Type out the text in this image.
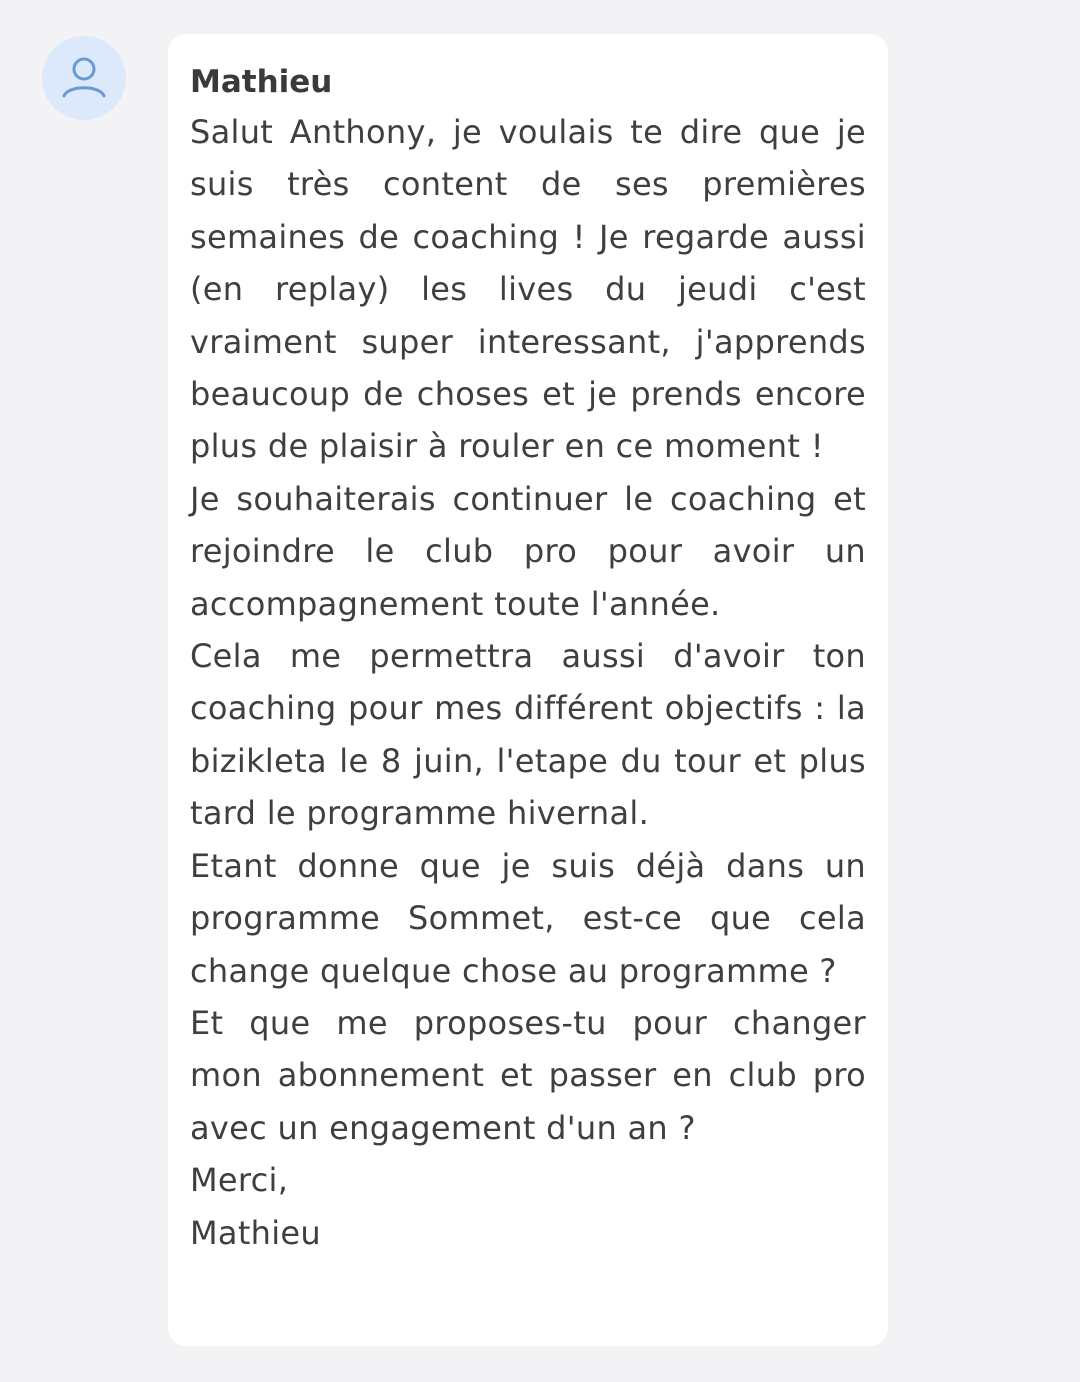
Mathieu

Salut Anthony, je voulais te dire que je suis très content de ses premières semaines de coaching ! Je regarde aussi (en replay) les lives du jeudi c'est vraiment super interessant, j'apprends beaucoup de choses et je prends encore plus de plaisir à rouler en ce moment !

Je souhaiterais continuer le coaching et rejoindre le club pro pour avoir un accompagnement toute l'année.

Cela me permettra aussi d'avoir ton coaching pour mes différent objectifs : la bizikleta le 8 juin, l'etape du tour et plus tard le programme hivernal.

Etant donne que je suis déjà dans un programme Sommet, est-ce que cela change quelque chose au programme ?

Et que me proposes-tu pour changer mon abonnement et passer en club pro avec un engagement d'un an ?

Merci,

Mathieu
